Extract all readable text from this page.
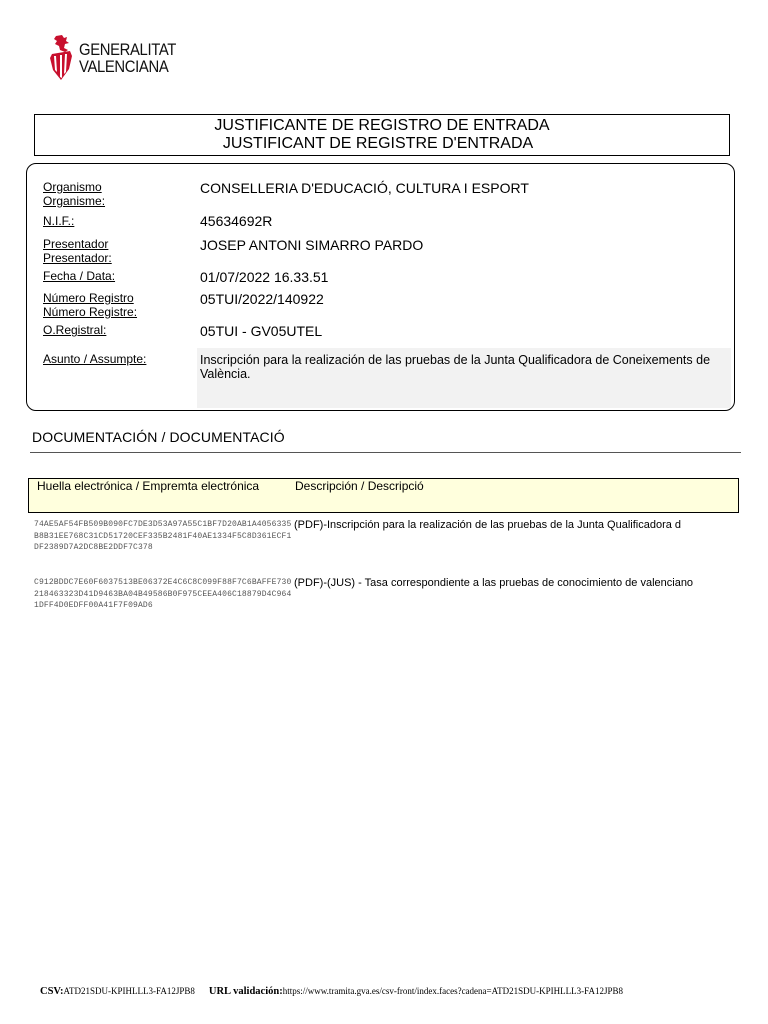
GENERALITAT
VALENCIANA
JUSTIFICANTE DE REGISTRO DE ENTRADA
JUSTIFICANT DE REGISTRE D'ENTRADA
Organismo
Organisme:
CONSELLERIA D'EDUCACIÓ, CULTURA I ESPORT
N.I.F.:	45634692R
Presentador
Presentador:
JOSEP ANTONI SIMARRO PARDO
Fecha / Data:	01/07/2022 16.33.51
Número Registro
Número Registre:
05TUI/2022/140922
O.Registral:	05TUI - GV05UTEL
Asunto / Assumpte:	Inscripción para la realización de las pruebas de la Junta Qualificadora de Coneixements de València.
DOCUMENTACIÓN / DOCUMENTACIÓ
Huella electrónica / Empremta electrónica	Descripción / Descripció
74AE5AF54FB509B090FC7DE3D53A97A55C1BF7D20AB1A4056335B8B31EE768C31CD51720CEF335B2481F40AE1334F5C8D361ECF1DF2389D7A2DC8BE2DDF7C378
(PDF)-Inscripción para la realización de las pruebas de la Junta Qualificadora d
C912BDDC7E60F6037513BE06372E4C6C8C099F88F7C6BAFFE730218463323D41D9463BA04B49586B0F975CEEA406C18879D4C9641DFF4D0EDFF00A41F7F09AD6
(PDF)-(JUS) - Tasa correspondiente a las pruebas de conocimiento de valenciano
CSV:ATD21SDU-KPIHLLL3-FA12JPB8 URL validación:https://www.tramita.gva.es/csv-front/index.faces?cadena=ATD21SDU-KPIHLLL3-FA12JPB8
